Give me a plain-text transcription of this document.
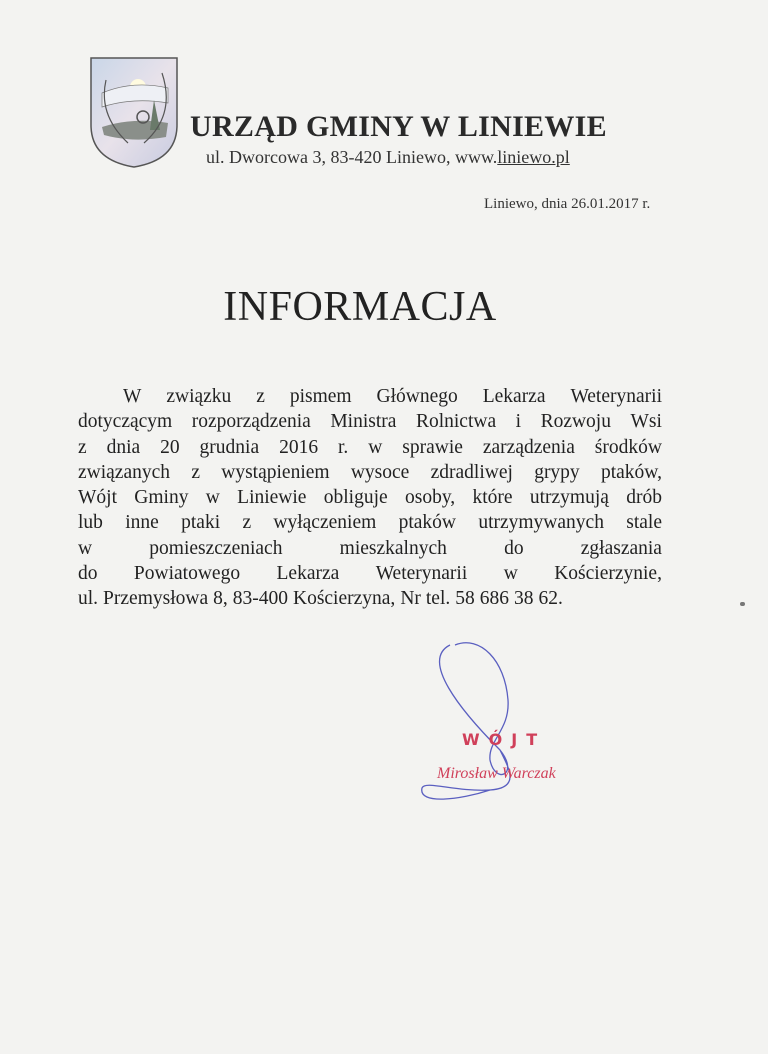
URZĄD GMINY W LINIEWIE
ul. Dworcowa 3, 83-420 Liniewo, www.liniewo.pl
Liniewo, dnia 26.01.2017 r.
INFORMACJA
W związku z pismem Głównego Lekarza Weterynarii
dotyczącym rozporządzenia Ministra Rolnictwa i Rozwoju Wsi
z dnia 20 grudnia 2016 r. w sprawie zarządzenia środków
związanych z wystąpieniem wysoce zdradliwej grypy ptaków,
Wójt Gminy w Liniewie obliguje osoby, które utrzymują drób
lub inne ptaki z wyłączeniem ptaków utrzymywanych stale
w	pomieszczeniach	mieszkalnych	do	zgłaszania
do Powiatowego Lekarza Weterynarii w Kościerzynie,
ul. Przemysłowa 8, 83-400 Kościerzyna, Nr tel. 58 686 38 62.
WÓJT
Mirosław Warczak
